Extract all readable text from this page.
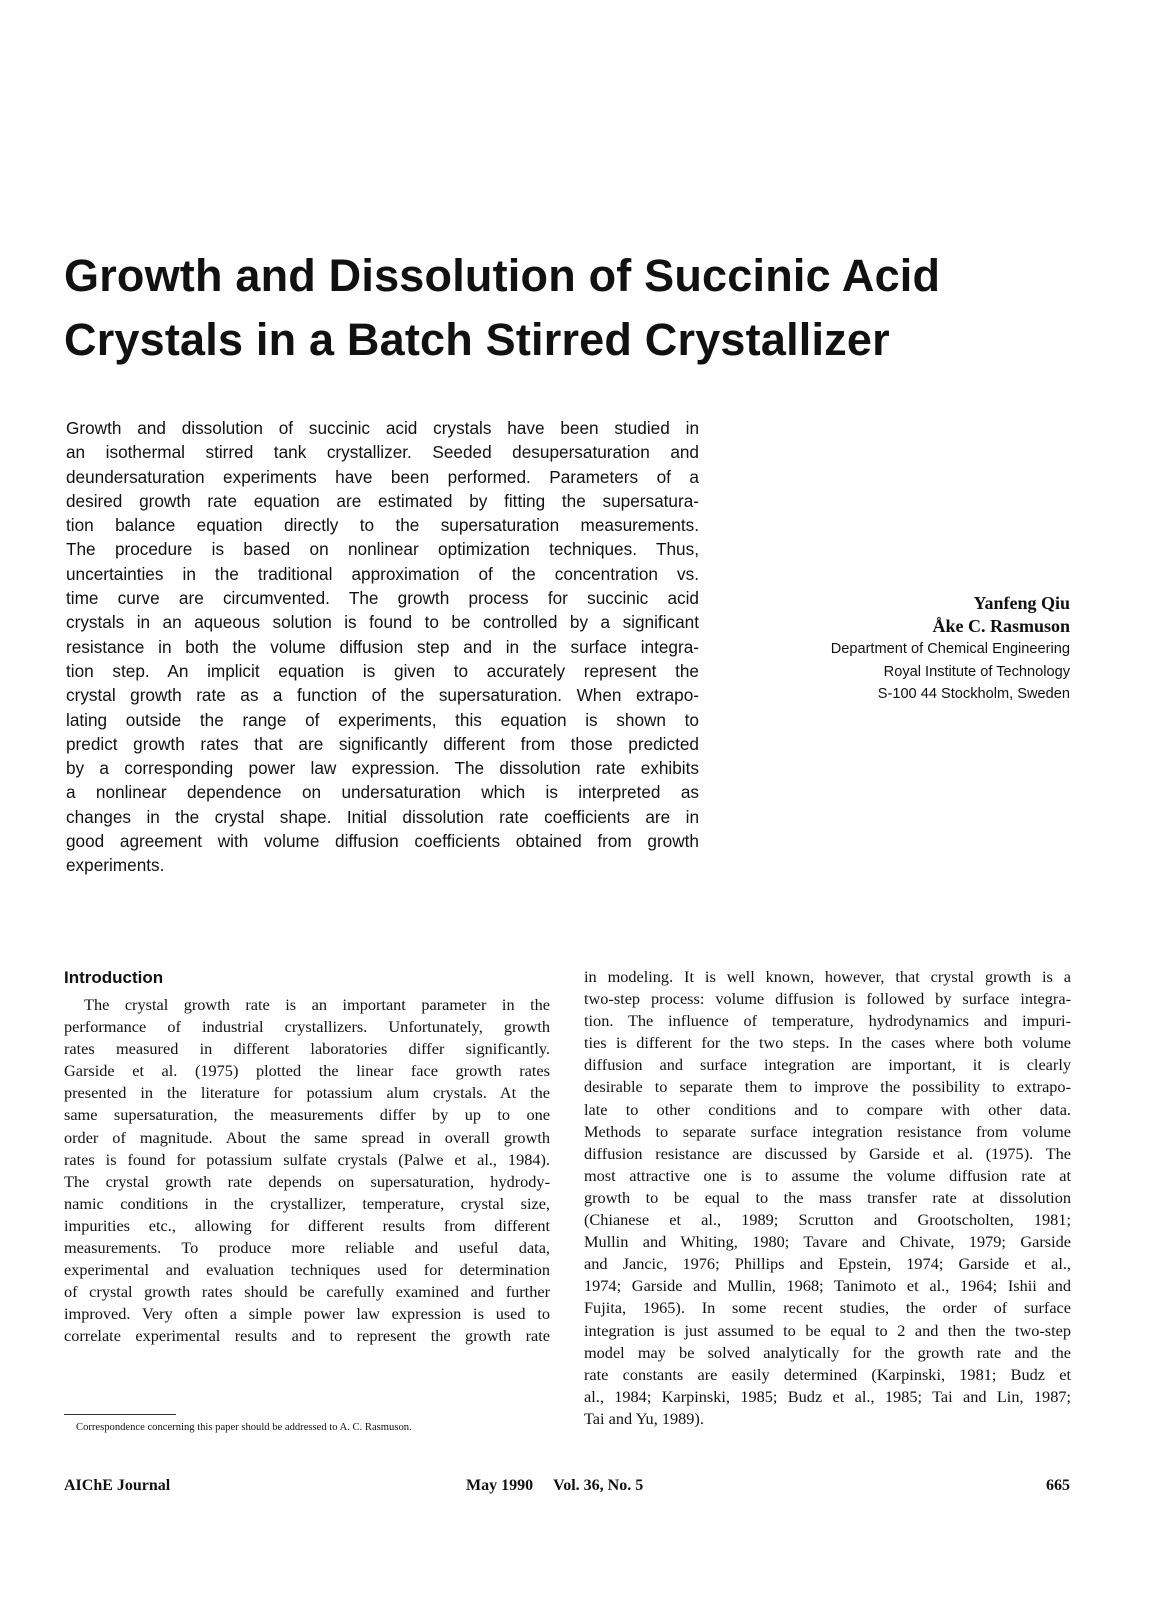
Growth and Dissolution of Succinic Acid
Crystals in a Batch Stirred Crystallizer
Growth and dissolution of succinic acid crystals have been studied in
an isothermal stirred tank crystallizer. Seeded desupersaturation and
deundersaturation experiments have been performed. Parameters of a
desired growth rate equation are estimated by fitting the supersatura-
tion balance equation directly to the supersaturation measurements.
The procedure is based on nonlinear optimization techniques. Thus,
uncertainties in the traditional approximation of the concentration vs.
time curve are circumvented. The growth process for succinic acid
crystals in an aqueous solution is found to be controlled by a significant
resistance in both the volume diffusion step and in the surface integra-
tion step. An implicit equation is given to accurately represent the
crystal growth rate as a function of the supersaturation. When extrapo-
lating outside the range of experiments, this equation is shown to
predict growth rates that are significantly different from those predicted
by a corresponding power law expression. The dissolution rate exhibits
a nonlinear dependence on undersaturation which is interpreted as
changes in the crystal shape. Initial dissolution rate coefficients are in
good agreement with volume diffusion coefficients obtained from growth
experiments.
Yanfeng Qiu
Åke C. Rasmuson
Department of Chemical Engineering
Royal Institute of Technology
S-100 44 Stockholm, Sweden
Introduction
The crystal growth rate is an important parameter in the
performance of industrial crystallizers. Unfortunately, growth
rates measured in different laboratories differ significantly.
Garside et al. (1975) plotted the linear face growth rates
presented in the literature for potassium alum crystals. At the
same supersaturation, the measurements differ by up to one
order of magnitude. About the same spread in overall growth
rates is found for potassium sulfate crystals (Palwe et al., 1984).
The crystal growth rate depends on supersaturation, hydrody-
namic conditions in the crystallizer, temperature, crystal size,
impurities etc., allowing for different results from different
measurements. To produce more reliable and useful data,
experimental and evaluation techniques used for determination
of crystal growth rates should be carefully examined and further
improved. Very often a simple power law expression is used to
correlate experimental results and to represent the growth rate
in modeling. It is well known, however, that crystal growth is a
two-step process: volume diffusion is followed by surface integra-
tion. The influence of temperature, hydrodynamics and impuri-
ties is different for the two steps. In the cases where both volume
diffusion and surface integration are important, it is clearly
desirable to separate them to improve the possibility to extrapo-
late to other conditions and to compare with other data.
Methods to separate surface integration resistance from volume
diffusion resistance are discussed by Garside et al. (1975). The
most attractive one is to assume the volume diffusion rate at
growth to be equal to the mass transfer rate at dissolution
(Chianese et al., 1989; Scrutton and Grootscholten, 1981;
Mullin and Whiting, 1980; Tavare and Chivate, 1979; Garside
and Jancic, 1976; Phillips and Epstein, 1974; Garside et al.,
1974; Garside and Mullin, 1968; Tanimoto et al., 1964; Ishii and
Fujita, 1965). In some recent studies, the order of surface
integration is just assumed to be equal to 2 and then the two-step
model may be solved analytically for the growth rate and the
rate constants are easily determined (Karpinski, 1981; Budz et
al., 1984; Karpinski, 1985; Budz et al., 1985; Tai and Lin, 1987;
Tai and Yu, 1989).
Correspondence concerning this paper should be addressed to A. C. Rasmuson.
AIChE Journal	May 1990 Vol. 36, No. 5	665
